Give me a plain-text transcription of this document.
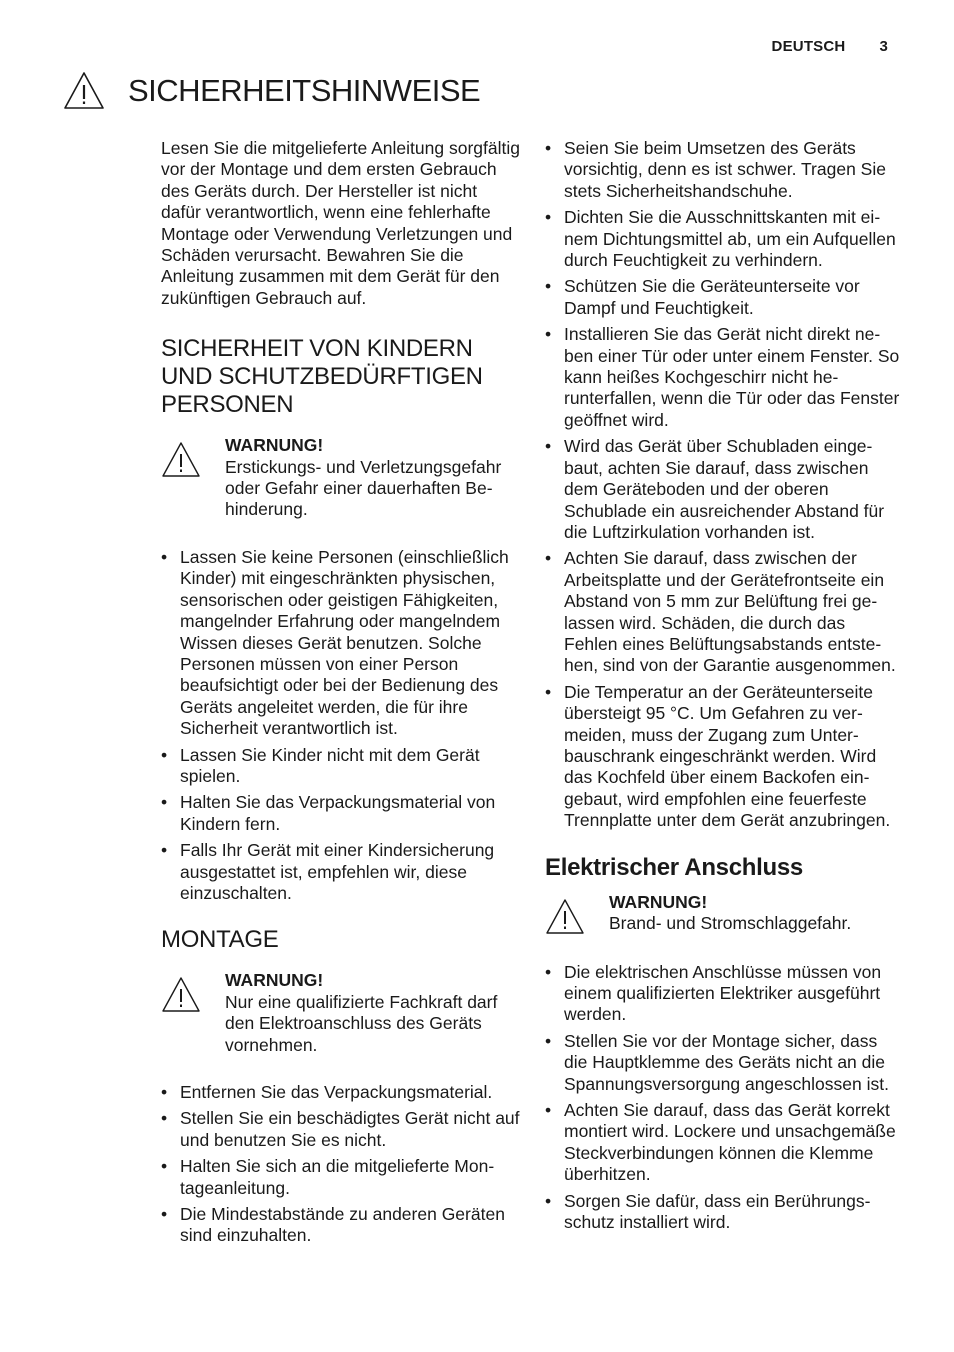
DEUTSCH 3
SICHERHEITSHINWEISE

Lesen Sie die mitgelieferte Anleitung sorgfältig vor der Montage und dem ersten Gebrauch des Geräts durch. Der Hersteller ist nicht dafür verantwortlich, wenn eine fehlerhafte Montage oder Verwendung Verletzungen und Schäden verursacht. Bewahren Sie die Anleitung zusammen mit dem Gerät für den zukünftigen Gebrauch auf.

SICHERHEIT VON KINDERN UND SCHUTZBEDÜRFTIGEN PERSONEN
WARNUNG!
Erstickungs- und Verletzungsgefahr oder Gefahr einer dauerhaften Behinderung.
• Lassen Sie keine Personen (einschließlich Kinder) mit eingeschränkten physischen, sensorischen oder geistigen Fähigkeiten, mangelnder Erfahrung oder mangelndem Wissen dieses Gerät benutzen. Solche Personen müssen von einer Person beaufsichtigt oder bei der Bedienung des Geräts angeleitet werden, die für ihre Sicherheit verantwortlich ist.
• Lassen Sie Kinder nicht mit dem Gerät spielen.
• Halten Sie das Verpackungsmaterial von Kindern fern.
• Falls Ihr Gerät mit einer Kindersicherung ausgestattet ist, empfehlen wir, diese einzuschalten.
MONTAGE
WARNUNG!
Nur eine qualifizierte Fachkraft darf den Elektroanschluss des Geräts vornehmen.
• Entfernen Sie das Verpackungsmaterial.
• Stellen Sie ein beschädigtes Gerät nicht auf und benutzen Sie es nicht.
• Halten Sie sich an die mitgelieferte Montageanleitung.
• Die Mindestabstände zu anderen Geräten sind einzuhalten.
• Seien Sie beim Umsetzen des Geräts vorsichtig, denn es ist schwer. Tragen Sie stets Sicherheitshandschuhe.
• Dichten Sie die Ausschnittskanten mit einem Dichtungsmittel ab, um ein Aufquellen durch Feuchtigkeit zu verhindern.
• Schützen Sie die Geräteunterseite vor Dampf und Feuchtigkeit.
• Installieren Sie das Gerät nicht direkt neben einer Tür oder unter einem Fenster. So kann heißes Kochgeschirr nicht herunterfallen, wenn die Tür oder das Fenster geöffnet wird.
• Wird das Gerät über Schubladen eingebaut, achten Sie darauf, dass zwischen dem Geräteboden und der oberen Schublade ein ausreichender Abstand für die Luftzirkulation vorhanden ist.
• Achten Sie darauf, dass zwischen der Arbeitsplatte und der Gerätefrontseite ein Abstand von 5 mm zur Belüftung frei gelassen wird. Schäden, die durch das Fehlen eines Belüftungsabstands entstehen, sind von der Garantie ausgenommen.
• Die Temperatur an der Geräteunterseite übersteigt 95 °C. Um Gefahren zu vermeiden, muss der Zugang zum Unterbauschrank eingeschränkt werden. Wird das Kochfeld über einem Backofen eingebaut, wird empfohlen eine feuerfeste Trennplatte unter dem Gerät anzubringen.
Elektrischer Anschluss
WARNUNG!
Brand- und Stromschlaggefahr.
• Die elektrischen Anschlüsse müssen von einem qualifizierten Elektriker ausgeführt werden.
• Stellen Sie vor der Montage sicher, dass die Hauptklemme des Geräts nicht an die Spannungsversorgung angeschlossen ist.
• Achten Sie darauf, dass das Gerät korrekt montiert wird. Lockere und unsachgemäße Steckverbindungen können die Klemme überhitzen.
• Sorgen Sie dafür, dass ein Berührungsschutz installiert wird.
